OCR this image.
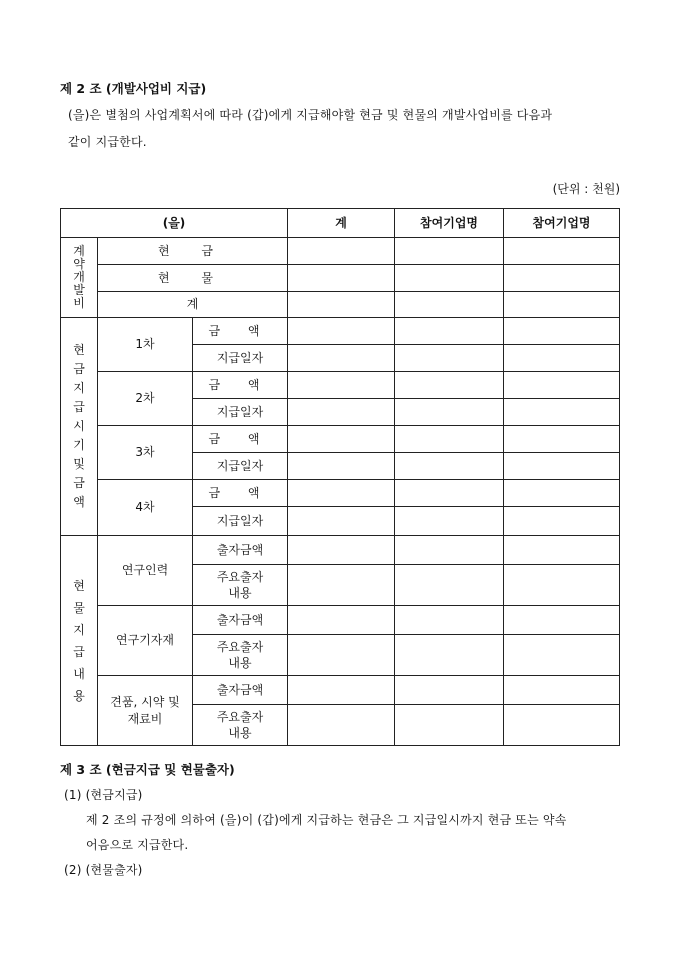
제 2 조 (개발사업비 지급)
(을)은 별첨의 사업계획서에 따라 (갑)에게 지급해야할 현금 및 현물의 개발사업비를 다음과
같이 지급한다.
(단위 : 천원)
(을)			계	참여기업명	참여기업명

계약개발비	현 금				
	현 물				
	계				

현금지급시기 및 금액	1차	금 액			
		지급일자			
	2차	금 액			
		지급일자			
	3차	금 액			
		지급일자			
	4차	금 액			
		지급일자			

현물지급내용	연구인력	출자금액			

		주요출자
내용			

	연구기자재	출자금액			

		주요출자
내용			

	견품, 시약 및 재료비	출자금액			

		주요출자
내용			

제 3 조 (현금지급 및 현물출자)
(1) (현금지급)
제 2 조의 규정에 의하여 (을)이 (갑)에게 지급하는 현금은 그 지급일시까지 현금 또는 약속
어음으로 지급한다.
(2) (현물출자)
